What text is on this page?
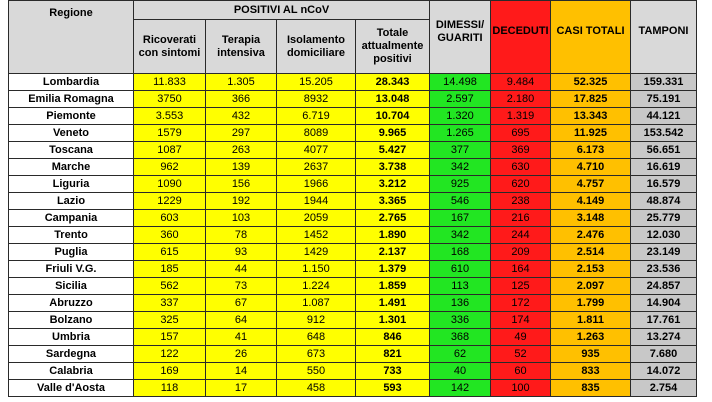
Regione	POSITIVI AL nCoV				DIMESSI/ GUARITI	DECEDUTI	CASI TOTALI	TAMPONI
	Ricoverati con sintomi	Terapia intensiva	Isolamento domiciliare	Totale attualmente positivi				
Lombardia	11.833	1.305	15.205	28.343	14.498	9.484	52.325	159.331
Emilia Romagna	3750	366	8932	13.048	2.597	2.180	17.825	75.191
Piemonte	3.553	432	6.719	10.704	1.320	1.319	13.343	44.121
Veneto	1579	297	8089	9.965	1.265	695	11.925	153.542
Toscana	1087	263	4077	5.427	377	369	6.173	56.651
Marche	962	139	2637	3.738	342	630	4.710	16.619
Liguria	1090	156	1966	3.212	925	620	4.757	16.579
Lazio	1229	192	1944	3.365	546	238	4.149	48.874
Campania	603	103	2059	2.765	167	216	3.148	25.779
Trento	360	78	1452	1.890	342	244	2.476	12.030
Puglia	615	93	1429	2.137	168	209	2.514	23.149
Friuli V.G.	185	44	1.150	1.379	610	164	2.153	23.536
Sicilia	562	73	1.224	1.859	113	125	2.097	24.857
Abruzzo	337	67	1.087	1.491	136	172	1.799	14.904
Bolzano	325	64	912	1.301	336	174	1.811	17.761
Umbria	157	41	648	846	368	49	1.263	13.274
Sardegna	122	26	673	821	62	52	935	7.680
Calabria	169	14	550	733	40	60	833	14.072
Valle d'Aosta	118	17	458	593	142	100	835	2.754
